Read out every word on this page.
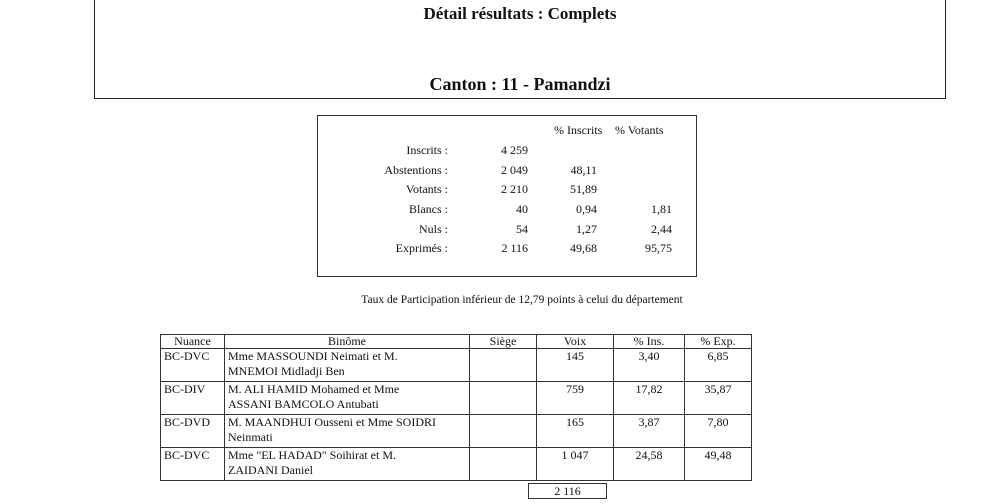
Détail résultats : Complets
Canton : 11 - Pamandzi
% Inscrits % Votants
Inscrits :	4 259
Abstentions :	2 049	48,11
Votants :	2 210	51,89
Blancs :	40	0,94	1,81
Nuls :	54	1,27	2,44
Exprimés :	2 116	49,68	95,75
Taux de Participation inférieur de 12,79 points à celui du département
Nuance	Binôme	Siège	Voix	% Ins.	% Exp.
BC-DVC	Mme MASSOUNDI Neimati et M.
MNEMOI Midladji Ben		145	3,40	6,85
BC-DIV	M. ALI HAMID Mohamed et Mme
ASSANI BAMCOLO Antubati		759	17,82	35,87
BC-DVD	M. MAANDHUI Ousseni et Mme SOIDRI
Neinmati		165	3,87	7,80
BC-DVC	Mme "EL HADAD" Soihirat et M.
ZAIDANI Daniel		1 047	24,58	49,48
2 116
